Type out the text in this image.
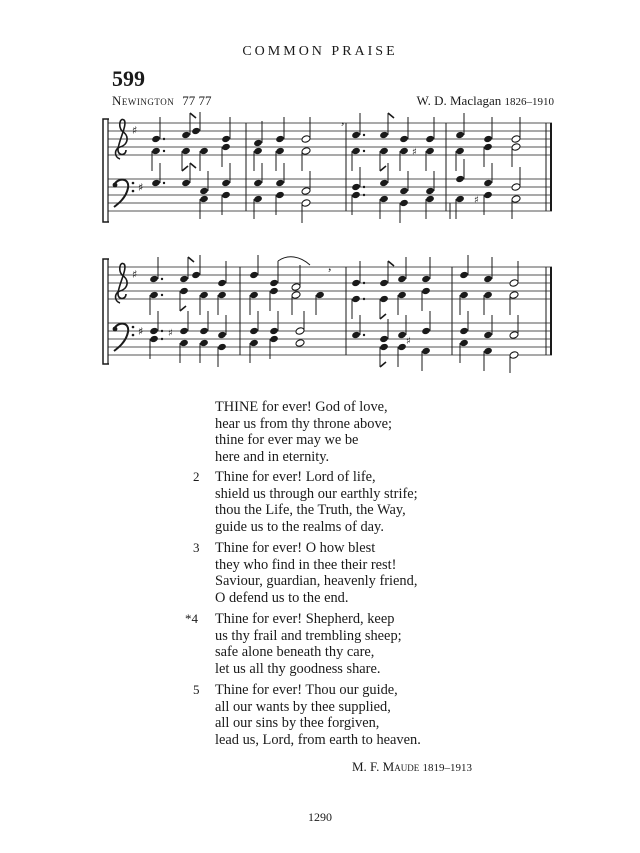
COMMON PRAISE
599
Newington 77 77	W. D. Maclagan 1826–1910
♯
♯
,
♯
♯
♯
♯
,
♯
♯
THINE for ever! God of love,
hear us from thy throne above;
thine for ever may we be
here and in eternity.
2 Thine for ever! Lord of life,
shield us through our earthly strife;
thou the Life, the Truth, the Way,
guide us to the realms of day.
3 Thine for ever! O how blest
they who find in thee their rest!
Saviour, guardian, heavenly friend,
O defend us to the end.
*4 Thine for ever! Shepherd, keep
us thy frail and trembling sheep;
safe alone beneath thy care,
let us all thy goodness share.
5 Thine for ever! Thou our guide,
all our wants by thee supplied,
all our sins by thee forgiven,
lead us, Lord, from earth to heaven.
M. F. Maude 1819–1913
1290
